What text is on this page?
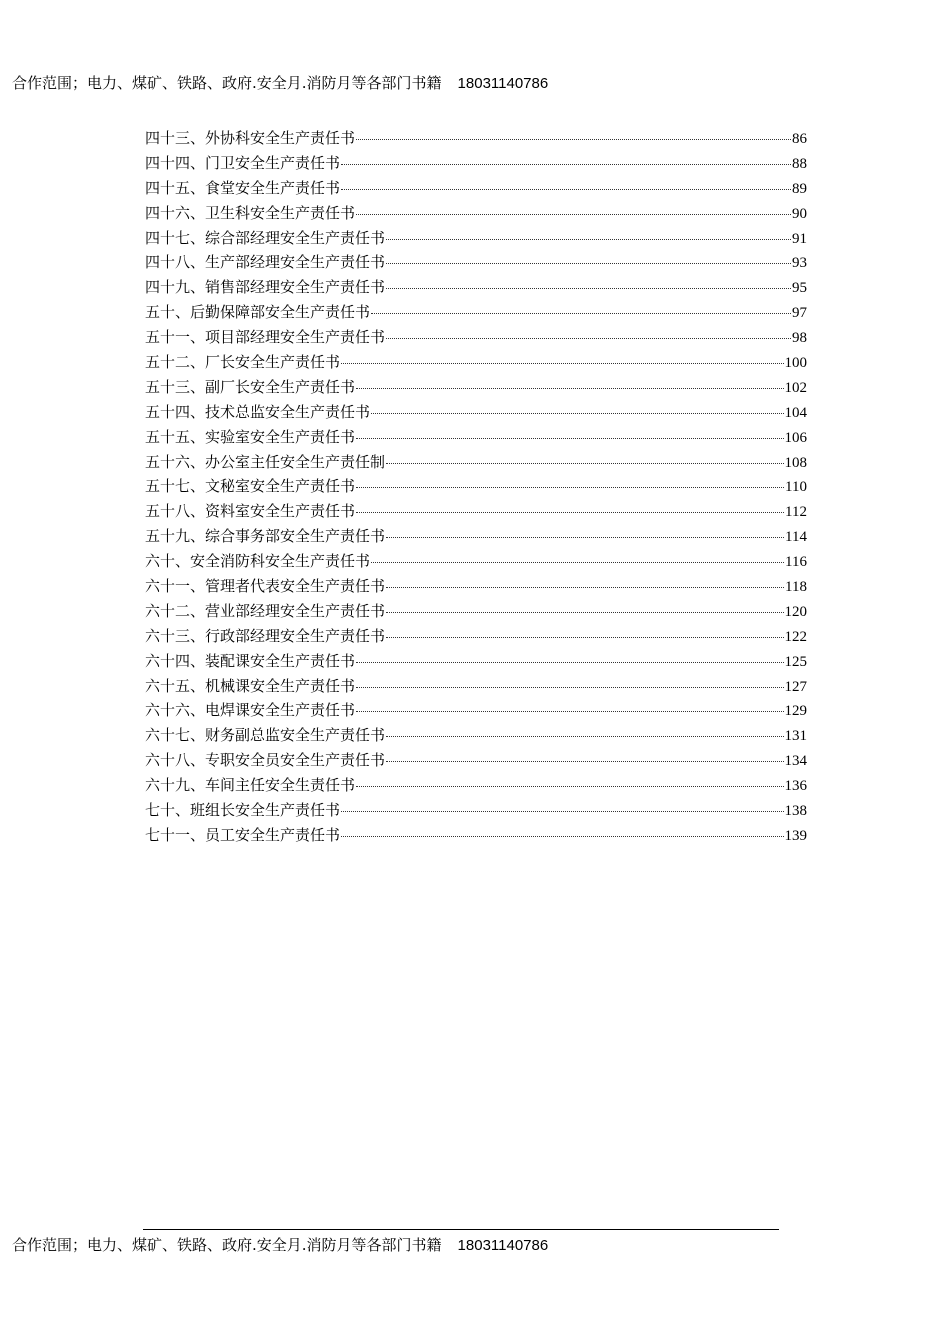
合作范围；电力、煤矿、铁路、政府.安全月.消防月等各部门书籍 18031140786
四十三、外协科安全生产责任书	86
四十四、门卫安全生产责任书	88
四十五、食堂安全生产责任书	89
四十六、卫生科安全生产责任书	90
四十七、综合部经理安全生产责任书	91
四十八、生产部经理安全生产责任书	93
四十九、销售部经理安全生产责任书	95
五十、后勤保障部安全生产责任书	97
五十一、项目部经理安全生产责任书	98
五十二、厂长安全生产责任书	100
五十三、副厂长安全生产责任书	102
五十四、技术总监安全生产责任书	104
五十五、实验室安全生产责任书	106
五十六、办公室主任安全生产责任制	108
五十七、文秘室安全生产责任书	110
五十八、资料室安全生产责任书	112
五十九、综合事务部安全生产责任书	114
六十、安全消防科安全生产责任书	116
六十一、管理者代表安全生产责任书	118
六十二、营业部经理安全生产责任书	120
六十三、行政部经理安全生产责任书	122
六十四、装配课安全生产责任书	125
六十五、机械课安全生产责任书	127
六十六、电焊课安全生产责任书	129
六十七、财务副总监安全生产责任书	131
六十八、专职安全员安全生产责任书	134
六十九、车间主任安全生责任书	136
七十、班组长安全生产责任书	138
七十一、员工安全生产责任书	139
合作范围；电力、煤矿、铁路、政府.安全月.消防月等各部门书籍 18031140786
